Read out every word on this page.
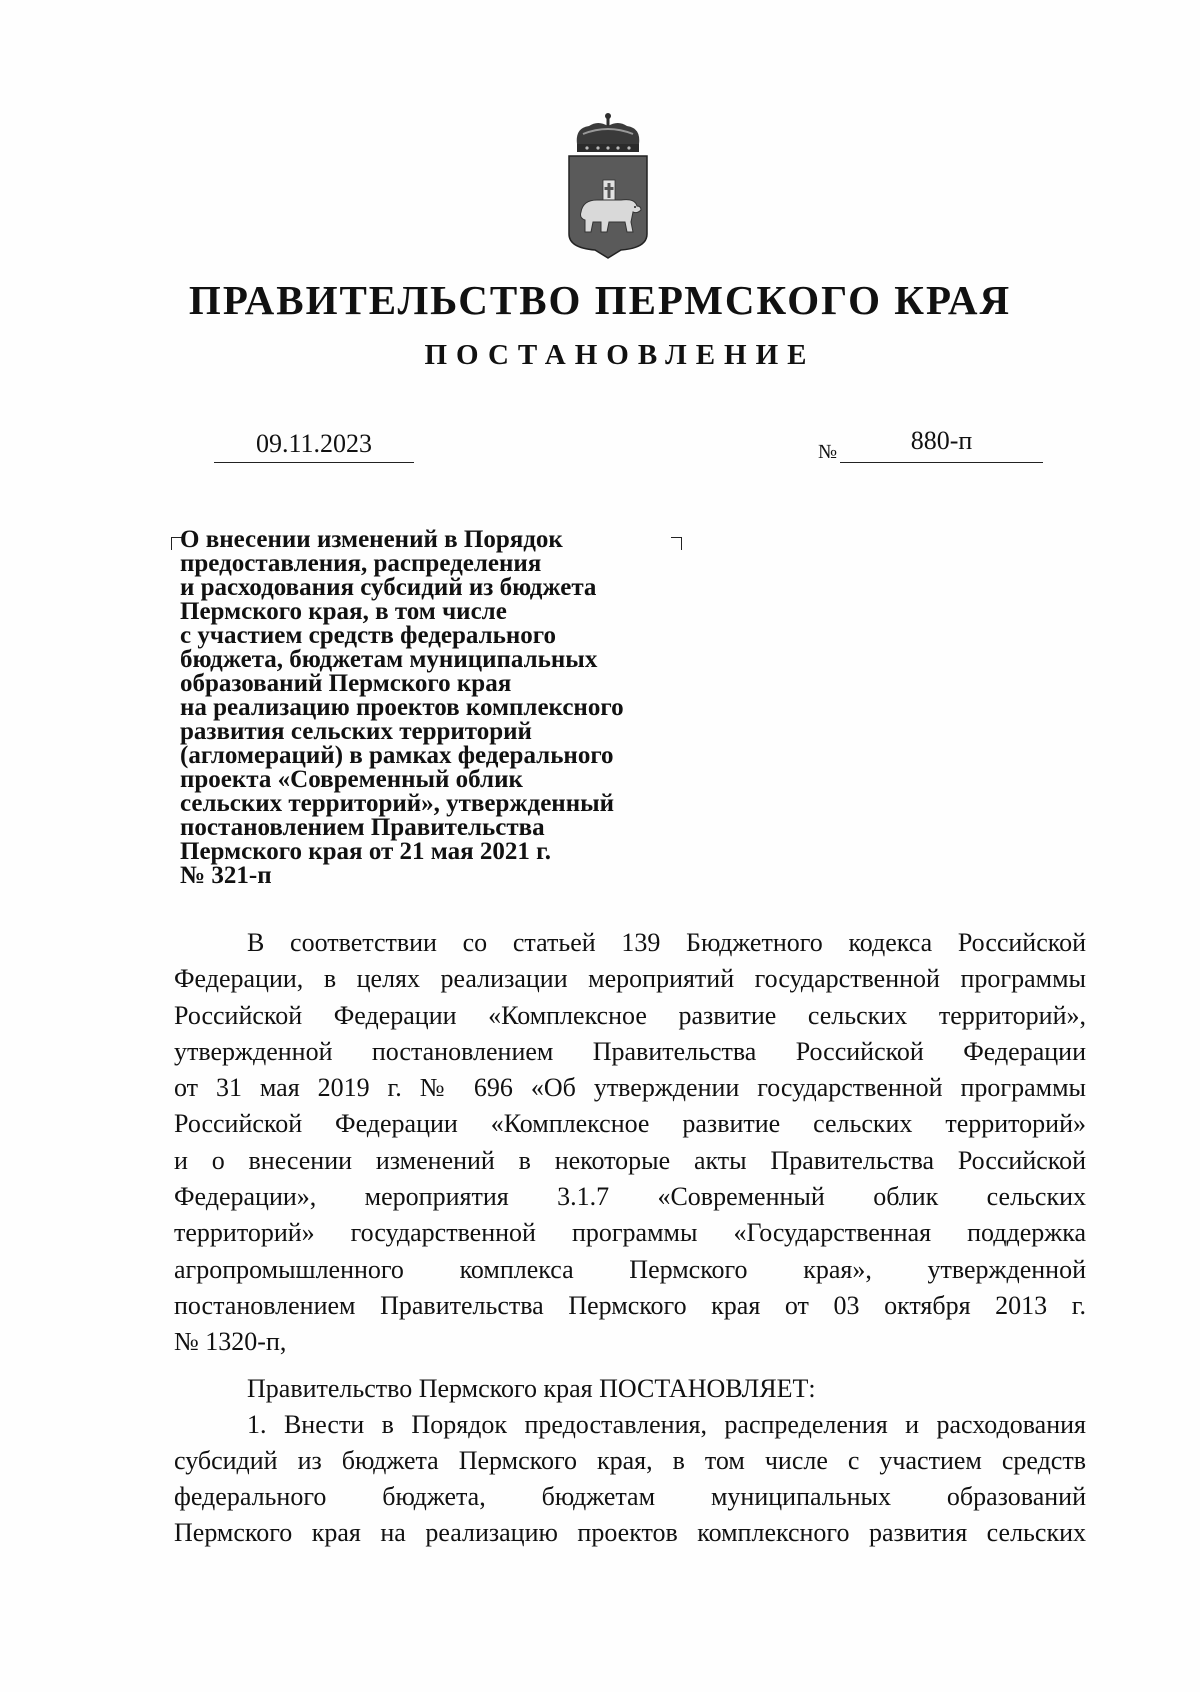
ПРАВИТЕЛЬСТВО ПЕРМСКОГО КРАЯ
ПОСТАНОВЛЕНИЕ
09.11.2023	№	880-п
О внесении изменений в Порядок
предоставления, распределения
и расходования субсидий из бюджета
Пермского края, в том числе
с участием средств федерального
бюджета, бюджетам муниципальных
образований Пермского края
на реализацию проектов комплексного
развития сельских территорий
(агломераций) в рамках федерального
проекта «Современный облик
сельских территорий», утвержденный
постановлением Правительства
Пермского края от 21 мая 2021 г.
№ 321-п
В соответствии со статьей 139 Бюджетного кодекса Российской
Федерации, в целях реализации мероприятий государственной программы
Российской Федерации «Комплексное развитие сельских территорий»,
утвержденной постановлением Правительства Российской Федерации
от 31 мая 2019 г. № 696 «Об утверждении государственной программы
Российской Федерации «Комплексное развитие сельских территорий»
и о внесении изменений в некоторые акты Правительства Российской
Федерации», мероприятия 3.1.7 «Современный облик сельских
территорий» государственной программы «Государственная поддержка
агропромышленного комплекса Пермского края», утвержденной
постановлением Правительства Пермского края от 03 октября 2013 г.
№ 1320-п,
Правительство Пермского края ПОСТАНОВЛЯЕТ:
1. Внести в Порядок предоставления, распределения и расходования
субсидий из бюджета Пермского края, в том числе с участием средств
федерального бюджета, бюджетам муниципальных образований
Пермского края на реализацию проектов комплексного развития сельских
